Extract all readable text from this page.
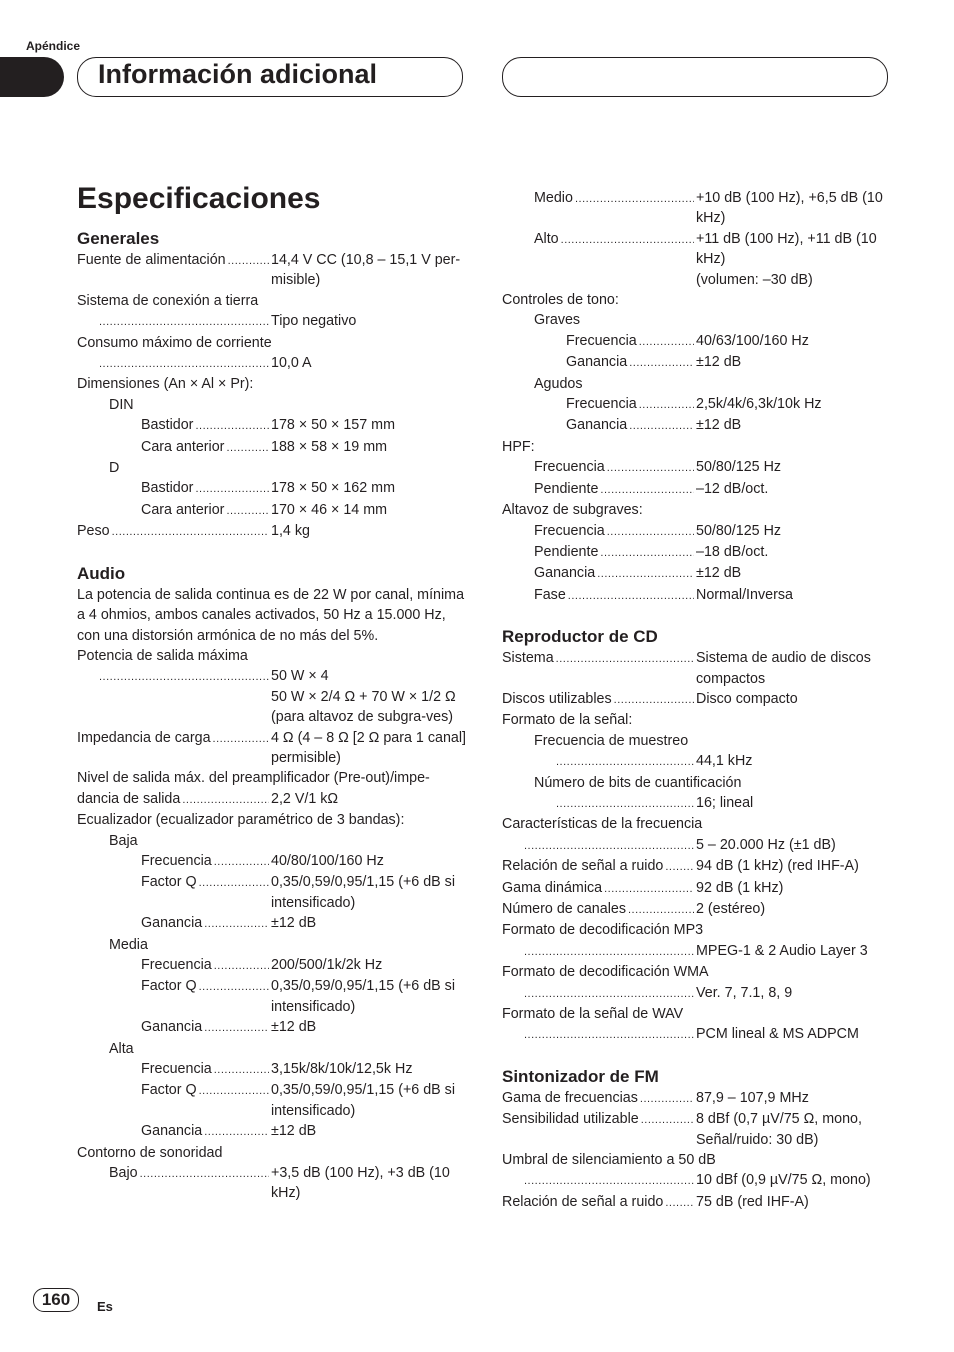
Apéndice
Información adicional
Especificaciones
Generales
Fuente de alimentación .....	14,4 V CC (10,8 – 15,1 V per-misible)
Sistema de conexión a tierra
.....
Tipo negativo
Consumo máximo de corriente
.....
10,0 A
Dimensiones (An × Al × Pr):
DIN
Bastidor .....	178 × 50 × 157 mm
Cara anterior .....	188 × 58 × 19 mm
D
Bastidor .....	178 × 50 × 162 mm
Cara anterior .....	170 × 46 × 14 mm
Peso .....	1,4 kg
Audio
La potencia de salida continua es de 22 W por canal, mínima a 4 ohmios, ambos canales activados, 50 Hz a 15.000 Hz, con una distorsión armónica de no más del 5%.
Potencia de salida máxima
.....
50 W × 4
50 W × 2/4 Ω + 70 W × 1/2 Ω (para altavoz de subgra-ves)
Impedancia de carga .....	4 Ω (4 – 8 Ω [2 Ω para 1 canal] permisible)
Nivel de salida máx. del preamplificador (Pre-out)/impe-
dancia de salida .....	2,2 V/1 kΩ
Ecualizador (ecualizador paramétrico de 3 bandas):
Baja
Frecuencia .....	40/80/100/160 Hz
Factor Q .....	0,35/0,59/0,95/1,15 (+6 dB si intensificado)
Ganancia .....	±12 dB
Media
Frecuencia .....	200/500/1k/2k Hz
Factor Q .....	0,35/0,59/0,95/1,15 (+6 dB si intensificado)
Ganancia .....	±12 dB
Alta
Frecuencia .....	3,15k/8k/10k/12,5k Hz
Factor Q .....	0,35/0,59/0,95/1,15 (+6 dB si intensificado)
Ganancia .....	±12 dB
Contorno de sonoridad
Bajo .....	+3,5 dB (100 Hz), +3 dB (10 kHz)
Medio .....	+10 dB (100 Hz), +6,5 dB (10 kHz)
Alto .....	+11 dB (100 Hz), +11 dB (10 kHz)
(volumen: –30 dB)
Controles de tono:
Graves
Frecuencia .....	40/63/100/160 Hz
Ganancia .....	±12 dB
Agudos
Frecuencia .....	2,5k/4k/6,3k/10k Hz
Ganancia .....	±12 dB
HPF:
Frecuencia .....	50/80/125 Hz
Pendiente .....	–12 dB/oct.
Altavoz de subgraves:
Frecuencia .....	50/80/125 Hz
Pendiente .....	–18 dB/oct.
Ganancia .....	±12 dB
Fase .....	Normal/Inversa
Reproductor de CD
Sistema .....	Sistema de audio de discos compactos
Discos utilizables .....	Disco compacto
Formato de la señal:
Frecuencia de muestreo
.....
44,1 kHz
Número de bits de cuantificación
.....
16; lineal
Características de la frecuencia
.....
5 – 20.000 Hz (±1 dB)
Relación de señal a ruido ..... 94 dB (1 kHz) (red IHF-A)
Gama dinámica .....	92 dB (1 kHz)
Número de canales .....	2 (estéreo)
Formato de decodificación MP3
.....
MPEG-1 & 2 Audio Layer 3
Formato de decodificación WMA
.....
Ver. 7, 7.1, 8, 9
Formato de la señal de WAV
.....
PCM lineal & MS ADPCM
Sintonizador de FM
Gama de frecuencias .....	87,9 – 107,9 MHz
Sensibilidad utilizable .....	8 dBf (0,7 µV/75 Ω, mono, Señal/ruido: 30 dB)
Umbral de silenciamiento a 50 dB
.....
10 dBf (0,9 µV/75 Ω, mono)
Relación de señal a ruido ..... 75 dB (red IHF-A)
160	Es
